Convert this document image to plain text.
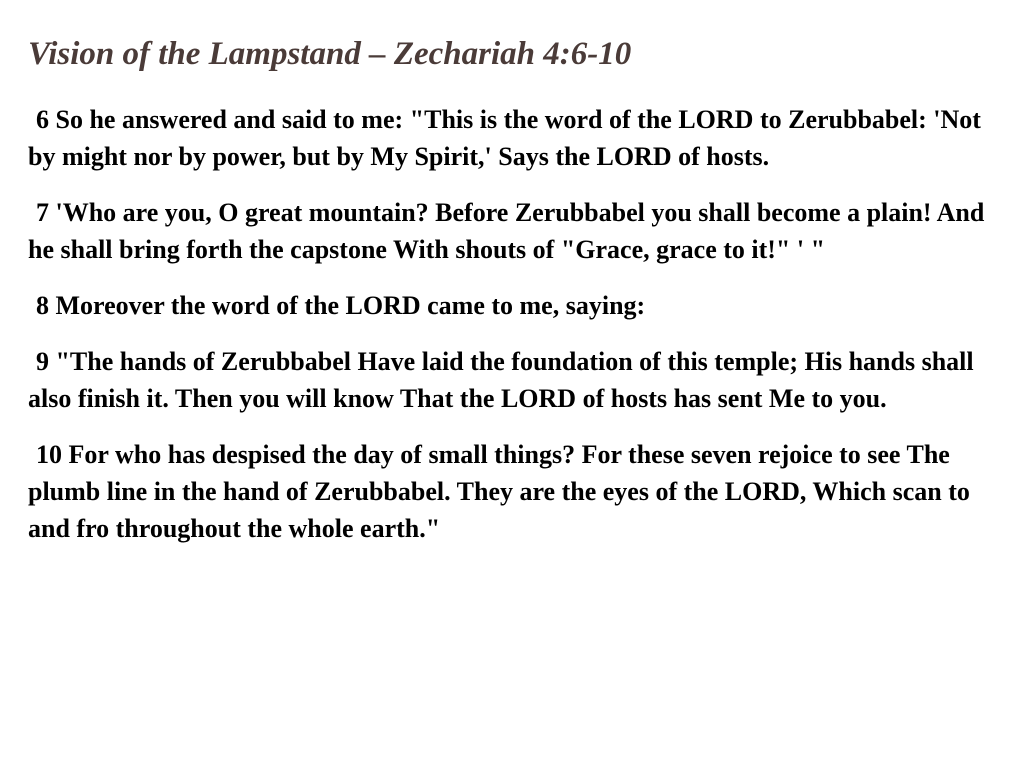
Vision of the Lampstand – Zechariah 4:6-10

6 So he answered and said to me: "This is the word of the LORD to Zerubbabel: 'Not by might nor by power, but by My Spirit,' Says the LORD of hosts.

7 'Who are you, O great mountain? Before Zerubbabel you shall become a plain! And he shall bring forth the capstone With shouts of "Grace, grace to it!" ' "

8 Moreover the word of the LORD came to me, saying:

9 "The hands of Zerubbabel Have laid the foundation of this temple; His hands shall also finish it. Then you will know That the LORD of hosts has sent Me to you.

10 For who has despised the day of small things? For these seven rejoice to see The plumb line in the hand of Zerubbabel. They are the eyes of the LORD, Which scan to and fro throughout the whole earth."
